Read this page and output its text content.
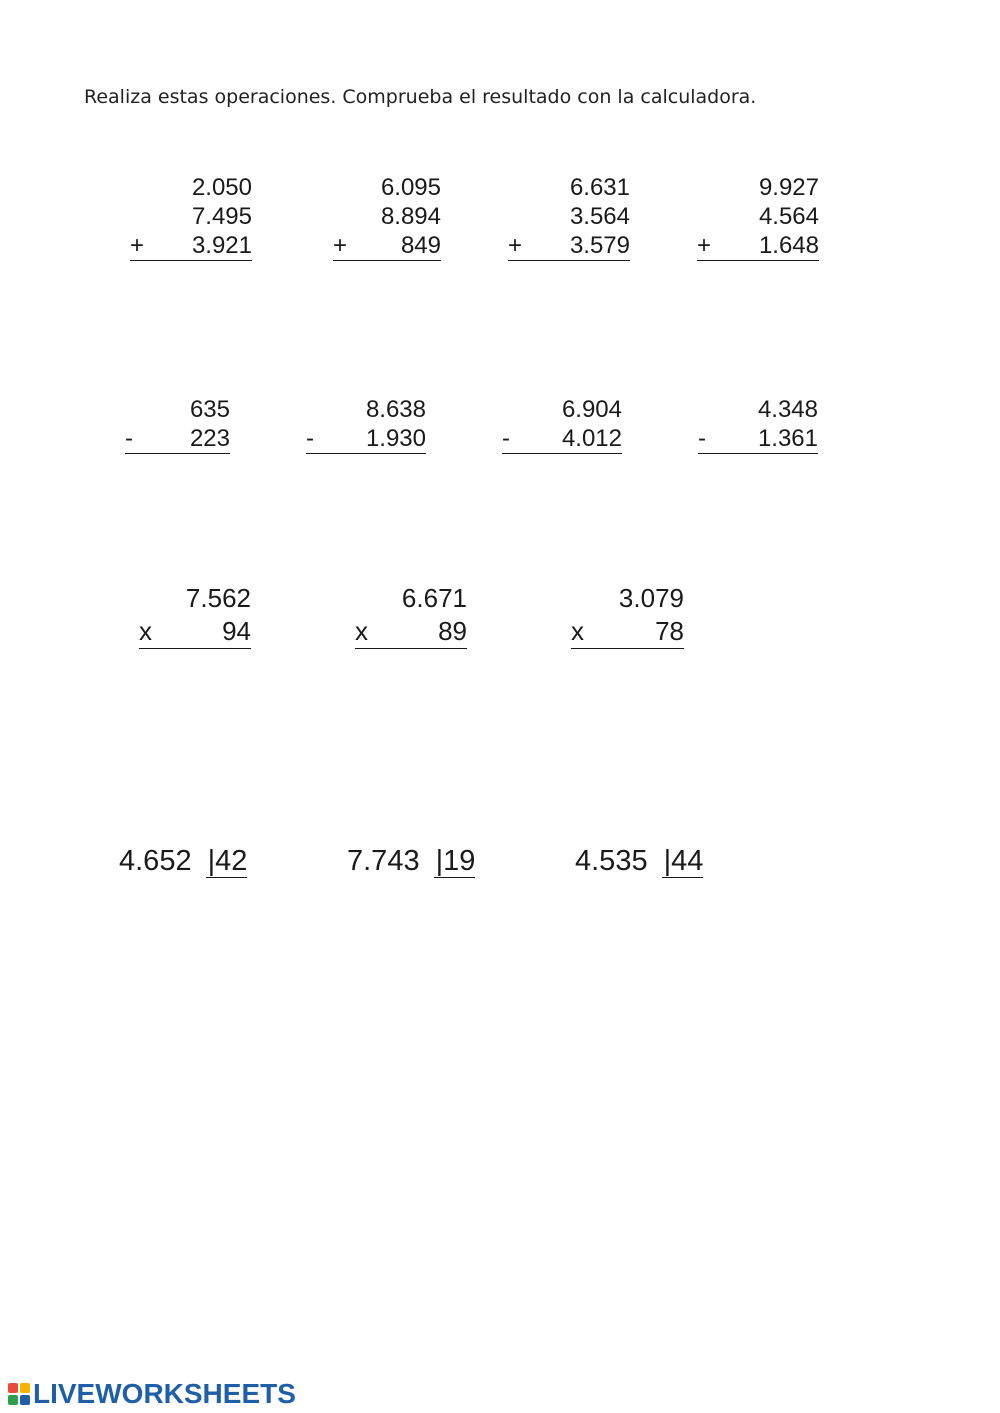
Realiza estas operaciones. Comprueba el resultado con la calculadora.
2.050
7.495
+ 3.921
6.095
8.894
+ 849
6.631
3.564
+ 3.579
9.927
4.564
+ 1.648
635
- 223
8.638
- 1.930
6.904
- 4.012
4.348
- 1.361
7.562
x	94
6.671
x	89
3.079
x	78
4.652 |42	7.743 |19	4.535 |44
LIVEWORKSHEETS
